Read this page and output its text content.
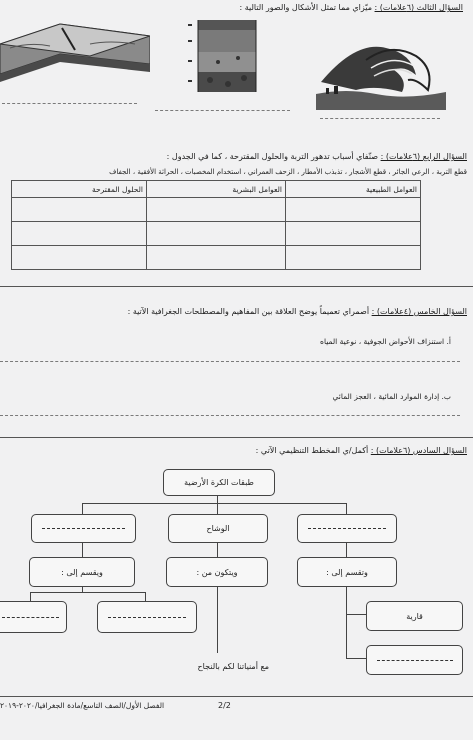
السؤال الثالث (٦علامات) : ميّزاي مما تمثل الأشكال والصور التالية :
السؤال الرابع (٦علامات) : صنّفاي أسباب تدهور التربة والحلول المقترحة ، كما في الجدول :
قطع التربة ، الرعي الجائر ، قطع الأشجار ، تذبذب الأمطار ، الزحف العمراني ، استخدام المخصبات ، الحراثة الأفقية ، الجفاف
العوامل الطبيعية	العوامل البشرية	الحلول المقترحة

السؤال الخامس (٤علامات) : أصمراي تعميماً يوضح العلاقة بين المفاهيم والمصطلحات الجغرافية الآتية :
أ. استنزاف الأحواض الجوفية ، نوعية المياه
ب. إدارة الموارد المائية ، العجز المائي
السؤال السادس (٦علامات) : أكمل/ي المخطط التنظيمي الآتي :
طبقات الكرة الأرضية
الوشاح
ويقسم إلى :	ويتكون من :	وتقسم إلى :
قارية
مع أمنياتنا لكم بالنجاح
الفصل الأول/الصف التاسع/مادة الجغرافيا/٢٠٢٠-٢٠١٩	2/2
